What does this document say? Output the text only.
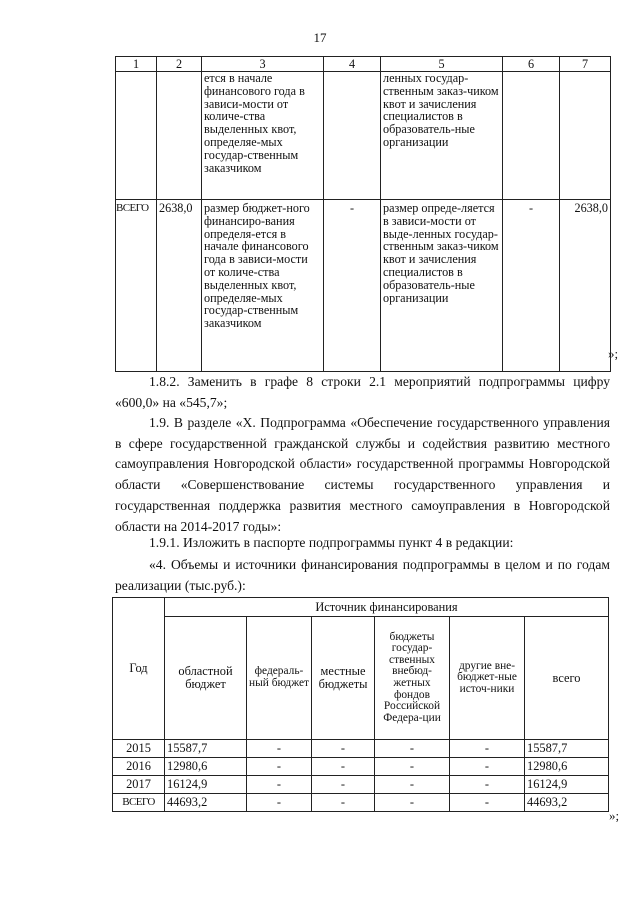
17
1	2	3	4	5	6	7
		ется в начале финансового года в зависи-мости от количе-ства выделенных квот, определяе-мых государ-ственным заказчиком		ленных государ-ственным заказ-чиком квот и зачисления специалистов в образователь-ные организации		
ВСЕГО	2638,0	размер бюджет-ного финансиро-вания определя-ется в начале финансового года в зависи-мости от количе-ства выделенных квот, определяе-мых государ-ственным заказчиком	-	размер опреде-ляется в зависи-мости от выде-ленных государ-ственным заказ-чиком квот и зачисления специалистов в образователь-ные организации	-	2638,0
»;

1.8.2. Заменить в графе 8 строки 2.1 мероприятий подпрограммы цифру «600,0» на «545,7»;

1.9. В разделе «X. Подпрограмма «Обеспечение государственного управления в сфере государственной гражданской службы и содействия развитию местного самоуправления Новгородской области» государственной программы Новгородской области «Совершенствование системы государственного управления и государственная поддержка развития местного самоуправления в Новгородской области на 2014-2017 годы»:

1.9.1. Изложить в паспорте подпрограммы пункт 4 в редакции:

«4. Объемы и источники финансирования подпрограммы в целом и по годам реализации (тыс.руб.):

Год	Источник финансирования					
	областной бюджет	федераль-ный бюджет	местные бюджеты	бюджеты государ-ственных внебюд-жетных фондов Российской Федера-ции	другие вне-бюджет-ные источ-ники	всего
2015	15587,7	-	-	-	-	15587,7
2016	12980,6	-	-	-	-	12980,6
2017	16124,9	-	-	-	-	16124,9
ВСЕГО	44693,2	-	-	-	-	44693,2
»;
